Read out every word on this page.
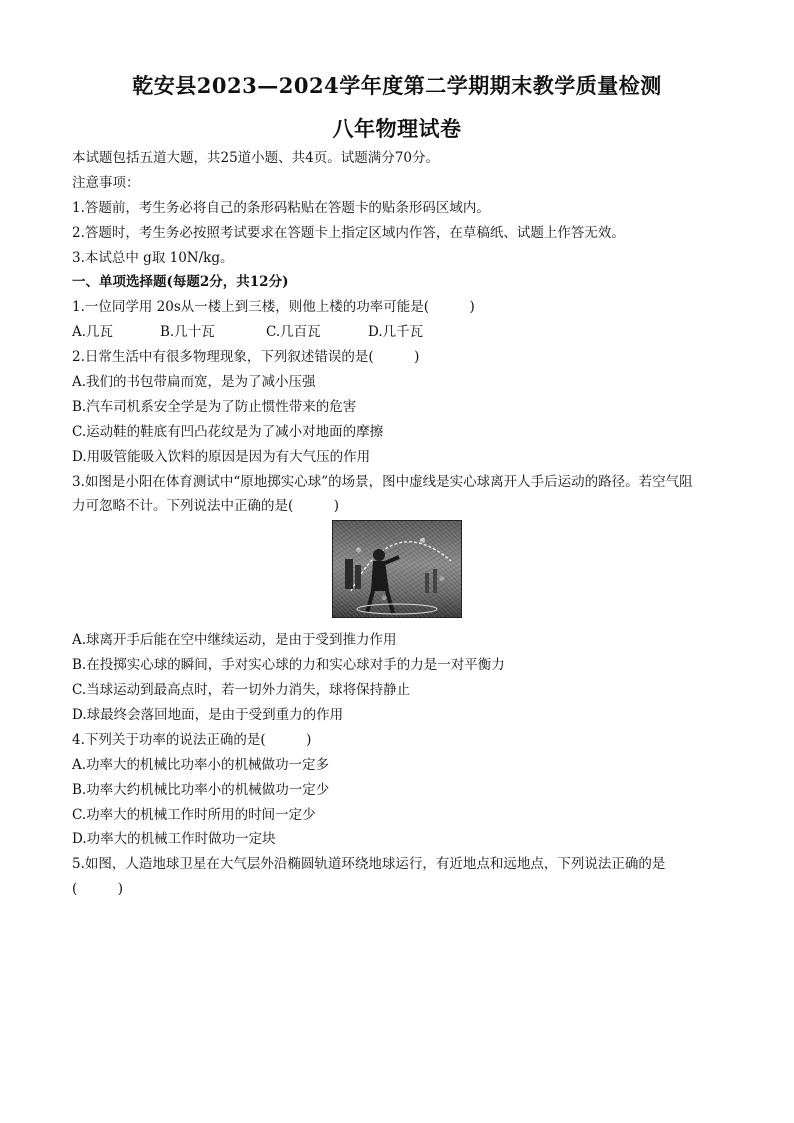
乾安县2023—2024学年度第二学期期末教学质量检测
八年物理试卷
本试题包括五道大题，共25道小题、共4页。试题满分70分。
注意事项：
1.答题前，考生务必将自己的条形码粘贴在答题卡的贴条形码区域内。
2.答题时，考生务必按照考试要求在答题卡上指定区域内作答，在草稿纸、试题上作答无效。
3.本试总中 g取 10N/kg。
一、单项选择题(每题2分，共12分)
1.一位同学用 20s从一楼上到三楼，则他上楼的功率可能是(　　　)
A.几瓦	B.几十瓦	C.几百瓦	D.几千瓦
2.日常生活中有很多物理现象，下列叙述错误的是(　　　)
A.我们的书包带扁而宽，是为了减小压强
B.汽车司机系安全学是为了防止惯性带来的危害
C.运动鞋的鞋底有凹凸花纹是为了减小对地面的摩擦
D.用吸管能吸入饮料的原因是因为有大气压的作用
3.如图是小阳在体育测试中“原地掷实心球”的场景，图中虚线是实心球离开人手后运动的路径。若空气阻
力可忽略不计。下列说法中正确的是(　　　)
A.球离开手后能在空中继续运动，是由于受到推力作用
B.在投掷实心球的瞬间，手对实心球的力和实心球对手的力是一对平衡力
C.当球运动到最高点时，若一切外力消失，球将保持静止
D.球最终会落回地面，是由于受到重力的作用
4.下列关于功率的说法正确的是(　　　)
A.功率大的机械比功率小的机械做功一定多
B.功率大约机械比功率小的机械做功一定少
C.功率大的机械工作时所用的时间一定少
D.功率大的机械工作时做功一定块
5.如图，人造地球卫星在大气层外沿椭圆轨道环绕地球运行，有近地点和远地点，下列说法正确的是
(　　　)
